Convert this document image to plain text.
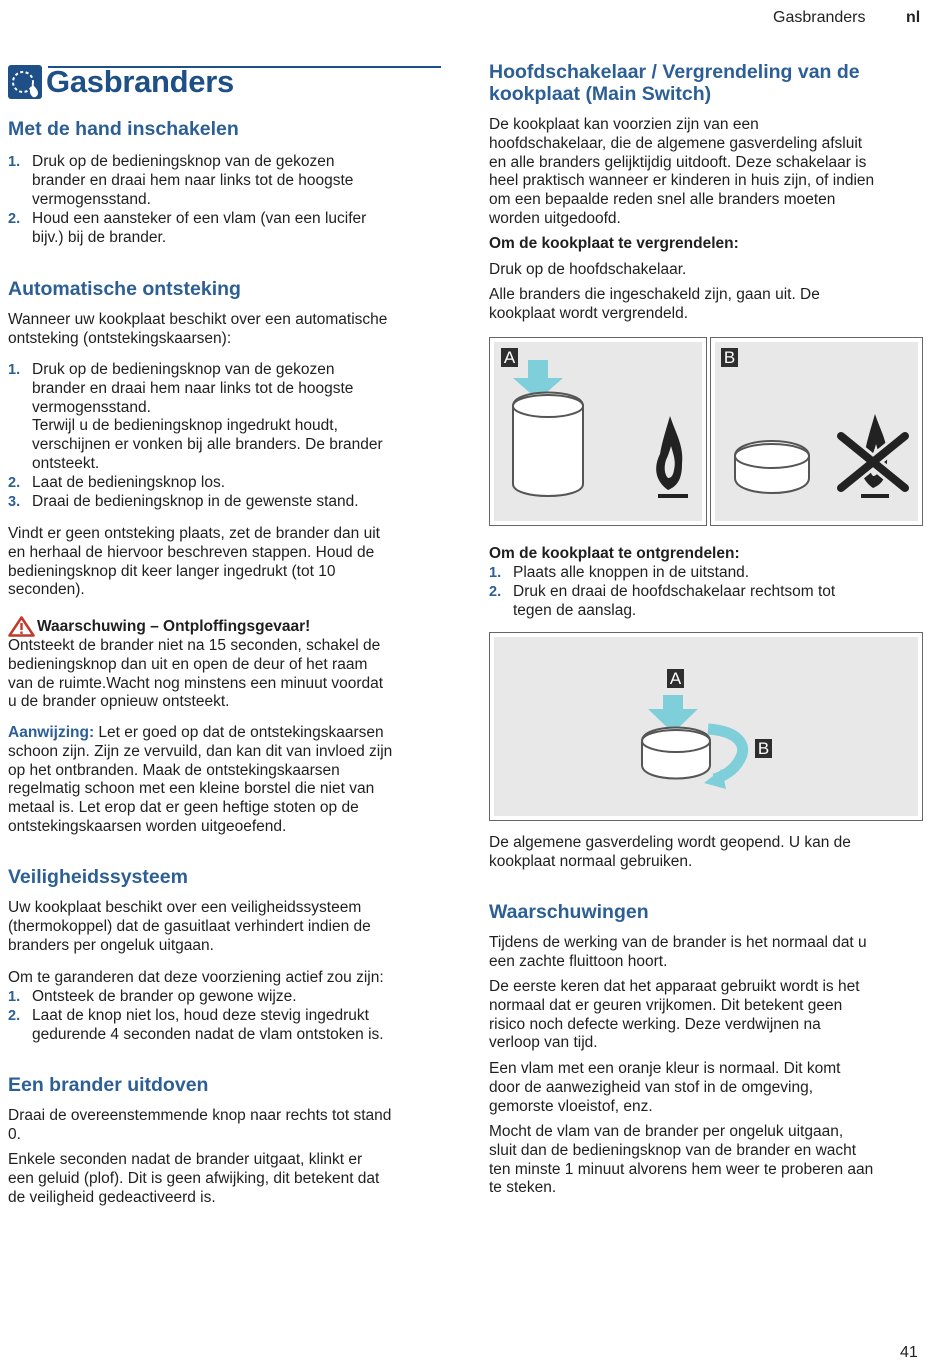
Gasbranders	nl
Gasbranders
Met de hand inschakelen
1. Druk op de bedieningsknop van de gekozen

brander en draai hem naar links tot de hoogste

vermogensstand.

2. Houd een aansteker of een vlam (van een lucifer

bijv.) bij de brander.

Automatische ontsteking

Wanneer uw kookplaat beschikt over een automatische

ontsteking (ontstekingskaarsen):

1. Druk op de bedieningsknop van de gekozen

brander en draai hem naar links tot de hoogste

vermogensstand.

Terwijl u de bedieningsknop ingedrukt houdt,

verschijnen er vonken bij alle branders. De brander

ontsteekt.

2. Laat de bedieningsknop los.

3. Draai de bedieningsknop in de gewenste stand.

Vindt er geen ontsteking plaats, zet de brander dan uit

en herhaal de hiervoor beschreven stappen. Houd de

bedieningsknop dit keer langer ingedrukt (tot 10

seconden).

Waarschuwing – Ontploffingsgevaar!

Ontsteekt de brander niet na 15 seconden, schakel de

bedieningsknop dan uit en open de deur of het raam

van de ruimte.Wacht nog minstens een minuut voordat

u de brander opnieuw ontsteekt.

Aanwijzing: Let er goed op dat de ontstekingskaarsen

schoon zijn. Zijn ze vervuild, dan kan dit van invloed zijn

op het ontbranden. Maak de ontstekingskaarsen

regelmatig schoon met een kleine borstel die niet van

metaal is. Let erop dat er geen heftige stoten op de

ontstekingskaarsen worden uitgeoefend.

Veiligheidssysteem

Uw kookplaat beschikt over een veiligheidssysteem

(thermokoppel) dat de gasuitlaat verhindert indien de

branders per ongeluk uitgaan.

Om te garanderen dat deze voorziening actief zou zijn:

1. Ontsteek de brander op gewone wijze.

2. Laat de knop niet los, houd deze stevig ingedrukt

gedurende 4 seconden nadat de vlam ontstoken is.

Een brander uitdoven

Draai de overeenstemmende knop naar rechts tot stand

0.

Enkele seconden nadat de brander uitgaat, klinkt er

een geluid (plof). Dit is geen afwijking, dit betekent dat

de veiligheid gedeactiveerd is.

Hoofdschakelaar / Vergrendeling van de

kookplaat (Main Switch)

De kookplaat kan voorzien zijn van een

hoofdschakelaar, die de algemene gasverdeling afsluit

en alle branders gelijktijdig uitdooft. Deze schakelaar is

heel praktisch wanneer er kinderen in huis zijn, of indien

om een bepaalde reden snel alle branders moeten

worden uitgedoofd.

Om de kookplaat te vergrendelen:
Druk op de hoofdschakelaar.

Alle branders die ingeschakeld zijn, gaan uit. De

kookplaat wordt vergrendeld.

A	B
Om de kookplaat te ontgrendelen:
1. Plaats alle knoppen in de uitstand.

2. Druk en draai de hoofdschakelaar rechtsom tot

tegen de aanslag.

A
B

De algemene gasverdeling wordt geopend. U kan de

kookplaat normaal gebruiken.

Waarschuwingen

Tijdens de werking van de brander is het normaal dat u

een zachte fluittoon hoort.

De eerste keren dat het apparaat gebruikt wordt is het

normaal dat er geuren vrijkomen. Dit betekent geen

risico noch defecte werking. Deze verdwijnen na

verloop van tijd.

Een vlam met een oranje kleur is normaal. Dit komt

door de aanwezigheid van stof in de omgeving,

gemorste vloeistof, enz.

Mocht de vlam van de brander per ongeluk uitgaan,

sluit dan de bedieningsknop van de brander en wacht

ten minste 1 minuut alvorens hem weer te proberen aan

te steken.

41
